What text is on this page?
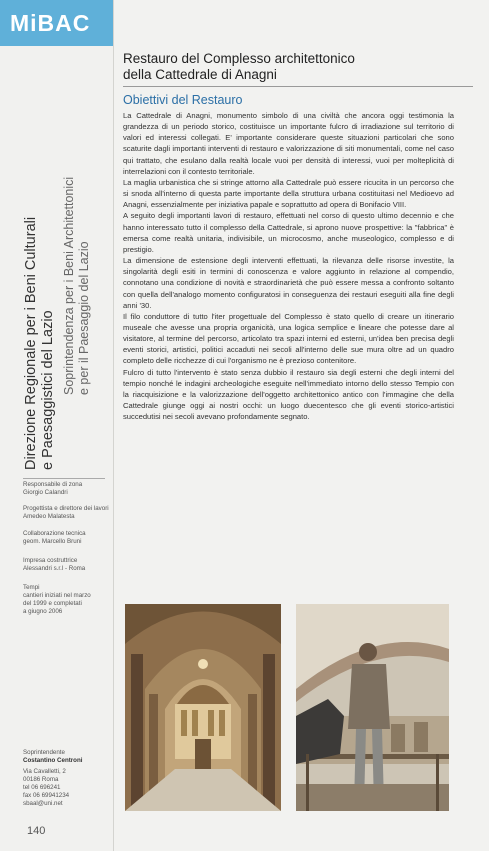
MiBAC
Direzione Regionale per i Beni Culturali e Paesaggistici del Lazio Soprintendenza per i Beni Architettonici e per il Paesaggio del Lazio
Responsabile di zona
Giorgio Calandri
Progettista e direttore dei lavori
Amedeo Malatesta
Collaborazione tecnica
geom. Marcello Bruni
Impresa costruttrice
Alessandri s.r.l - Roma
Tempi
cantieri iniziati nel marzo
del 1999 e completati
a giugno 2006
Soprintendente
Costantino Centroni
Via Cavalletti, 2
00186 Roma
tel 06 696241
fax 06 69941234
sbaal@uni.net
140
Restauro del Complesso architettonico
della Cattedrale di Anagni
Obiettivi del Restauro

La Cattedrale di Anagni, monumento simbolo di una civiltà che ancora oggi testimonia la grandezza di un periodo storico, costituisce un importante fulcro di irradiazione sul territorio di valori ed interessi collegati. E' importante considerare queste situazioni particolari che sono scaturite dagli importanti interventi di restauro e valorizzazione di siti monumentali, come nel caso qui trattato, che esulano dalla realtà locale vuoi per densità di interessi, vuoi per molteplicità di interrelazioni con il contesto territoriale.

La maglia urbanistica che si stringe attorno alla Cattedrale può essere ricucita in un percorso che si snoda all'interno di questa parte importante della struttura urbana costituitasi nel Medioevo ad Anagni, essenzialmente per iniziativa papale e soprattutto ad opera di Bonifacio VIII.

A seguito degli importanti lavori di restauro, effettuati nel corso di questo ultimo decennio e che hanno interessato tutto il complesso della Cattedrale, si aprono nuove prospettive: la "fabbrica" è emersa come realtà unitaria, indivisibile, un microcosmo, anche museologico, complesso e di prestigio.

La dimensione de estensione degli interventi effettuati, la rilevanza delle risorse investite, la singolarità degli esiti in termini di conoscenza e valore aggiunto in relazione al compendio, connotano una condizione di novità e straordinarietà che può essere messa a confronto soltanto con quella dell'analogo momento configuratosi in conseguenza dei restauri eseguiti alla fine degli anni '30.

Il filo conduttore di tutto l'iter progettuale del Complesso è stato quello di creare un itinerario museale che avesse una propria organicità, una logica semplice e lineare che potesse dare al visitatore, al termine del percorso, articolato tra spazi interni ed esterni, un'idea ben precisa degli eventi storici, artistici, politici accaduti nei secoli all'interno delle sue mura oltre ad un quadro completo delle ricchezze di cui l'organismo ne è prezioso contenitore.

Fulcro di tutto l'intervento è stato senza dubbio il restauro sia degli esterni che degli interni del tempio nonché le indagini archeologiche eseguite nell'immediato intorno dello stesso Tempio con la riacquisizione e la valorizzazione dell'oggetto architettonico antico con l'immagine che della Cattedrale giunge oggi ai nostri occhi: un luogo duecentesco che gli eventi storico-artistici succedutisi nei secoli avevano profondamente segnato.
